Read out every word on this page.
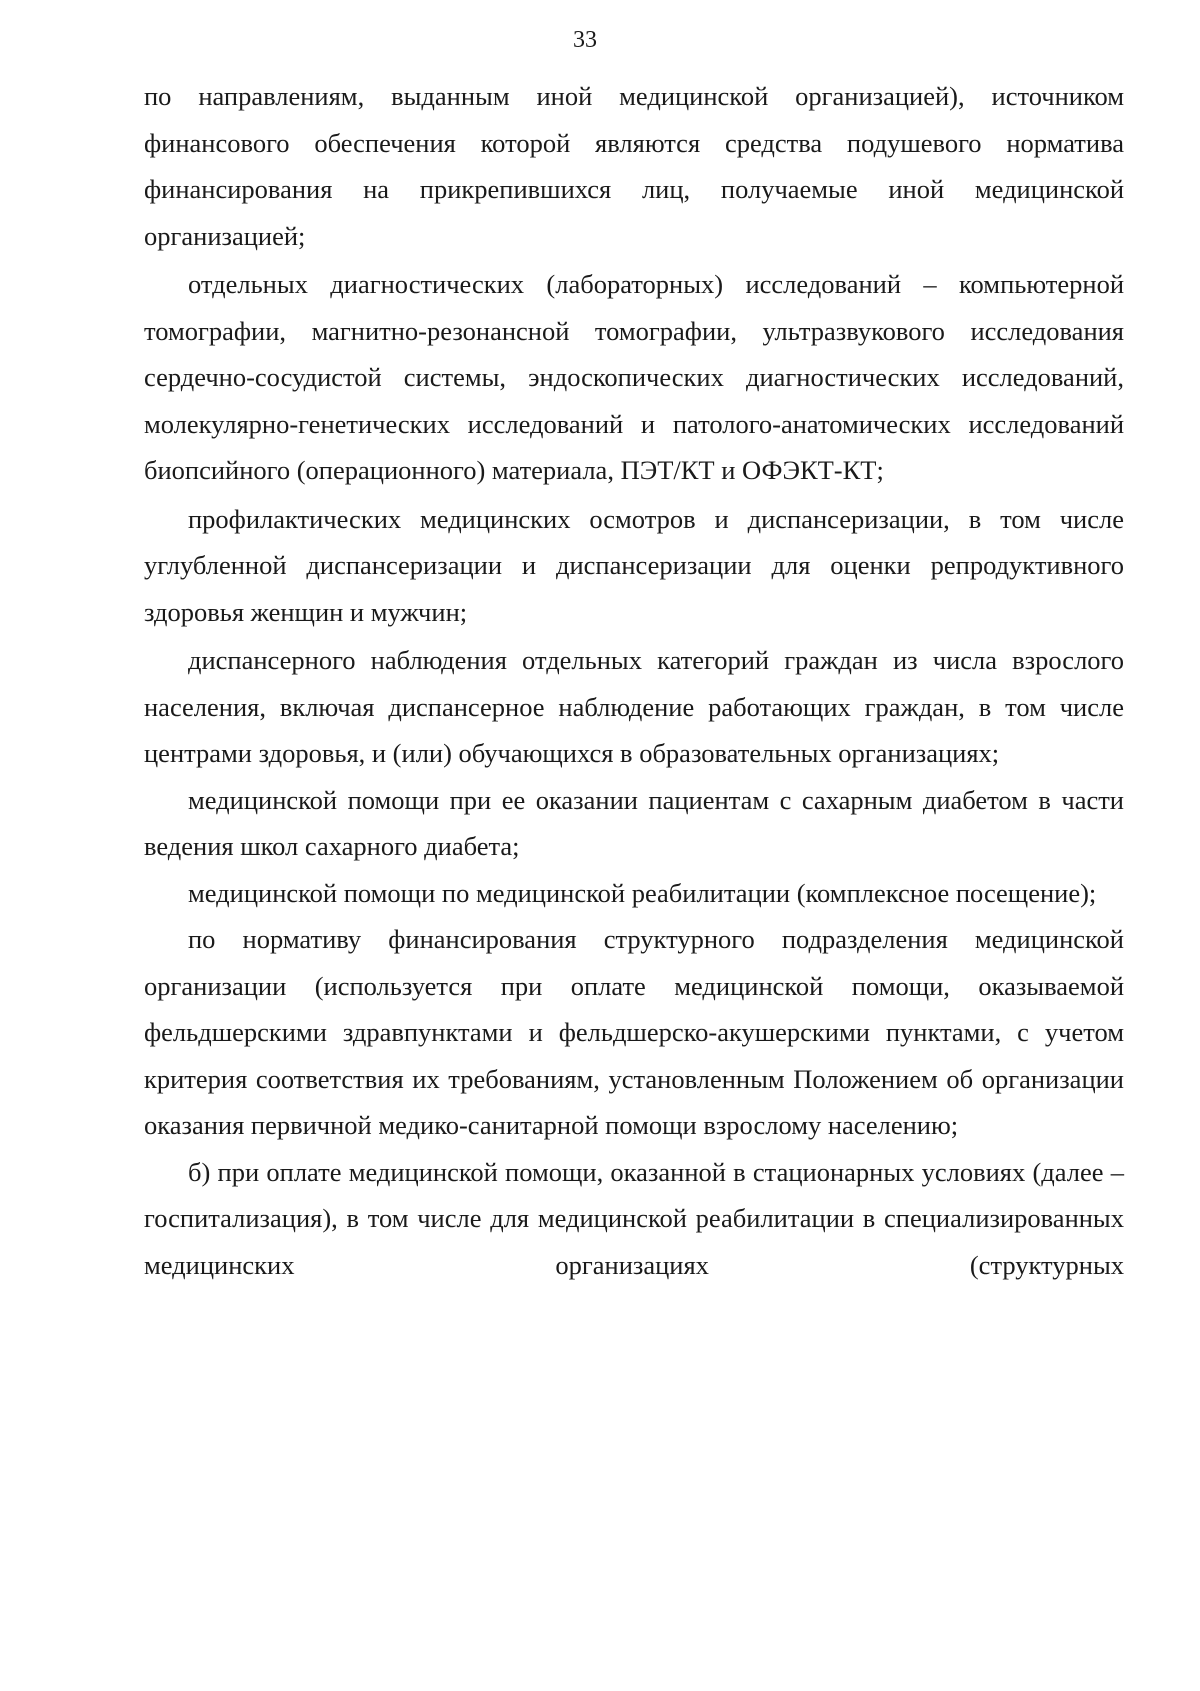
33

по направлениям, выданным иной медицинской организацией), источником финансового обеспечения которой являются средства подушевого норматива финансирования на прикрепившихся лиц, получаемые иной медицинской организацией;

отдельных диагностических (лабораторных) исследований – компьютерной томографии, магнитно-резонансной томографии, ультразвукового исследования сердечно-сосудистой системы, эндоскопических диагностических исследований, молекулярно-генетических исследований и патолого-анатомических исследований биопсийного (операционного) материала, ПЭТ/КТ и ОФЭКТ-КТ;

профилактических медицинских осмотров и диспансеризации, в том числе углубленной диспансеризации и диспансеризации для оценки репродуктивного здоровья женщин и мужчин;

диспансерного наблюдения отдельных категорий граждан из числа взрослого населения, включая диспансерное наблюдение работающих граждан, в том числе центрами здоровья, и (или) обучающихся в образовательных организациях;

медицинской помощи при ее оказании пациентам с сахарным диабетом в части ведения школ сахарного диабета;

медицинской помощи по медицинской реабилитации (комплексное посещение);

по нормативу финансирования структурного подразделения медицинской организации (используется при оплате медицинской помощи, оказываемой фельдшерскими здравпунктами и фельдшерско-акушерскими пунктами, с учетом критерия соответствия их требованиям, установленным Положением об организации оказания первичной медико-санитарной помощи взрослому населению;

б) при оплате медицинской помощи, оказанной в стационарных условиях (далее – госпитализация), в том числе для медицинской реабилитации в специализированных медицинских организациях (структурных
